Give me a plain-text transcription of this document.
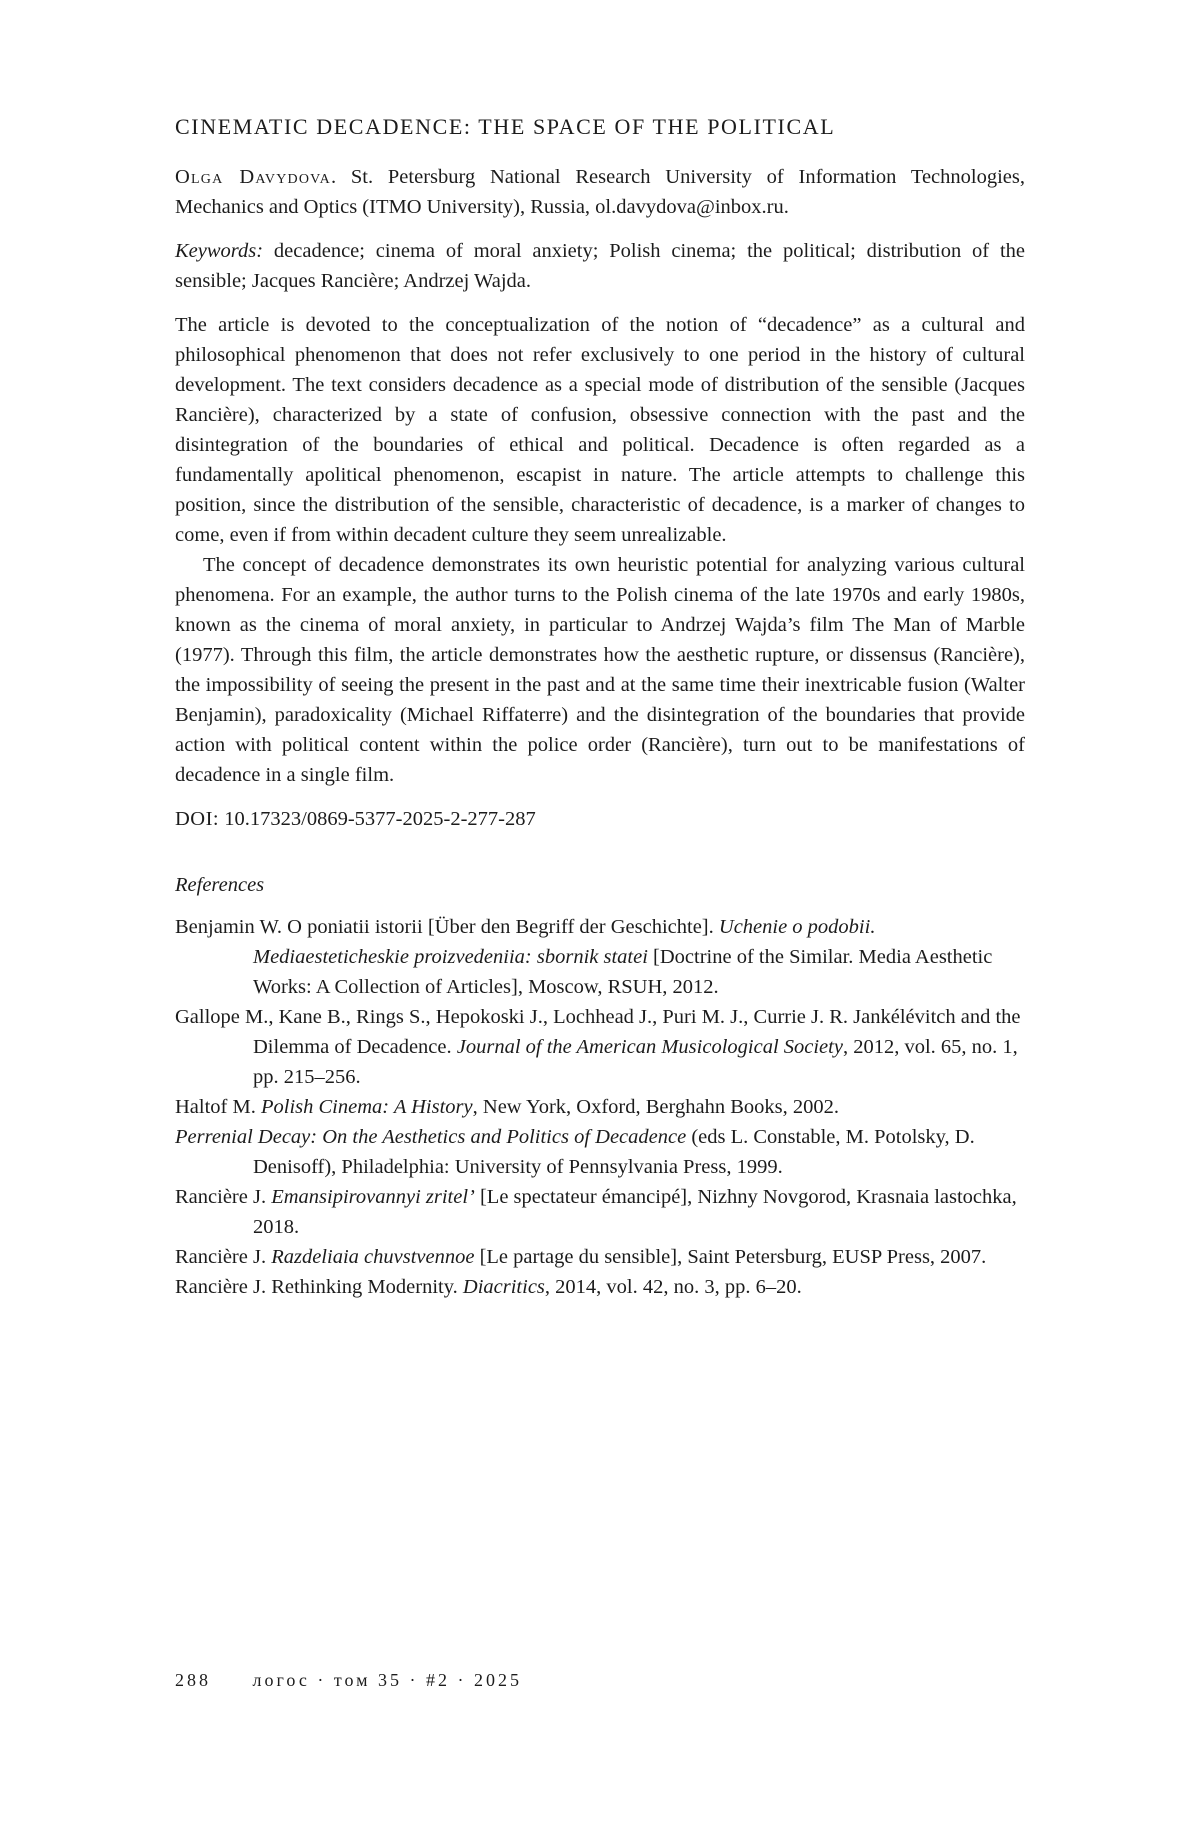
CINEMATIC DECADENCE: THE SPACE OF THE POLITICAL

Olga Davydova. St. Petersburg National Research University of Information Technologies, Mechanics and Optics (ITMO University), Russia, ol.davydova@inbox.ru.

Keywords: decadence; cinema of moral anxiety; Polish cinema; the political; distribution of the sensible; Jacques Rancière; Andrzej Wajda.

The article is devoted to the conceptualization of the notion of “decadence” as a cultural and philosophical phenomenon that does not refer exclusively to one period in the history of cultural development. The text considers decadence as a special mode of distribution of the sensible (Jacques Rancière), characterized by a state of confusion, obsessive connection with the past and the disintegration of the boundaries of ethical and political. Decadence is often regarded as a fundamentally apolitical phenomenon, escapist in nature. The article attempts to challenge this position, since the distribution of the sensible, characteristic of decadence, is a marker of changes to come, even if from within decadent culture they seem unrealizable.

The concept of decadence demonstrates its own heuristic potential for analyzing various cultural phenomena. For an example, the author turns to the Polish cinema of the late 1970s and early 1980s, known as the cinema of moral anxiety, in particular to Andrzej Wajda’s film The Man of Marble (1977). Through this film, the article demonstrates how the aesthetic rupture, or dissensus (Rancière), the impossibility of seeing the present in the past and at the same time their inextricable fusion (Walter Benjamin), paradoxicality (Michael Riffaterre) and the disintegration of the boundaries that provide action with political content within the police order (Rancière), turn out to be manifestations of decadence in a single film.

DOI: 10.17323/0869-5377-2025-2-277-287
References

Benjamin W. O poniatii istorii [Über den Begriff der Geschichte]. Uchenie o podobii. Mediaesteticheskie proizvedeniia: sbornik statei [Doctrine of the Similar. Media Aesthetic Works: A Collection of Articles], Moscow, RSUH, 2012.

Gallope M., Kane B., Rings S., Hepokoski J., Lochhead J., Puri M. J., Currie J. R. Jankélévitch and the Dilemma of Decadence. Journal of the American Musicological Society, 2012, vol. 65, no. 1, pp. 215–256.

Haltof M. Polish Cinema: A History, New York, Oxford, Berghahn Books, 2002.

Perrenial Decay: On the Aesthetics and Politics of Decadence (eds L. Constable, M. Potolsky, D. Denisoff), Philadelphia: University of Pennsylvania Press, 1999.

Rancière J. Emansipirovannyi zritel’ [Le spectateur émancipé], Nizhny Novgorod, Krasnaia lastochka, 2018.

Rancière J. Razdeliaia chuvstvennoe [Le partage du sensible], Saint Petersburg, EUSP Press, 2007.

Rancière J. Rethinking Modernity. Diacritics, 2014, vol. 42, no. 3, pp. 6–20.

288 логос · том 35 · #2 · 2025
